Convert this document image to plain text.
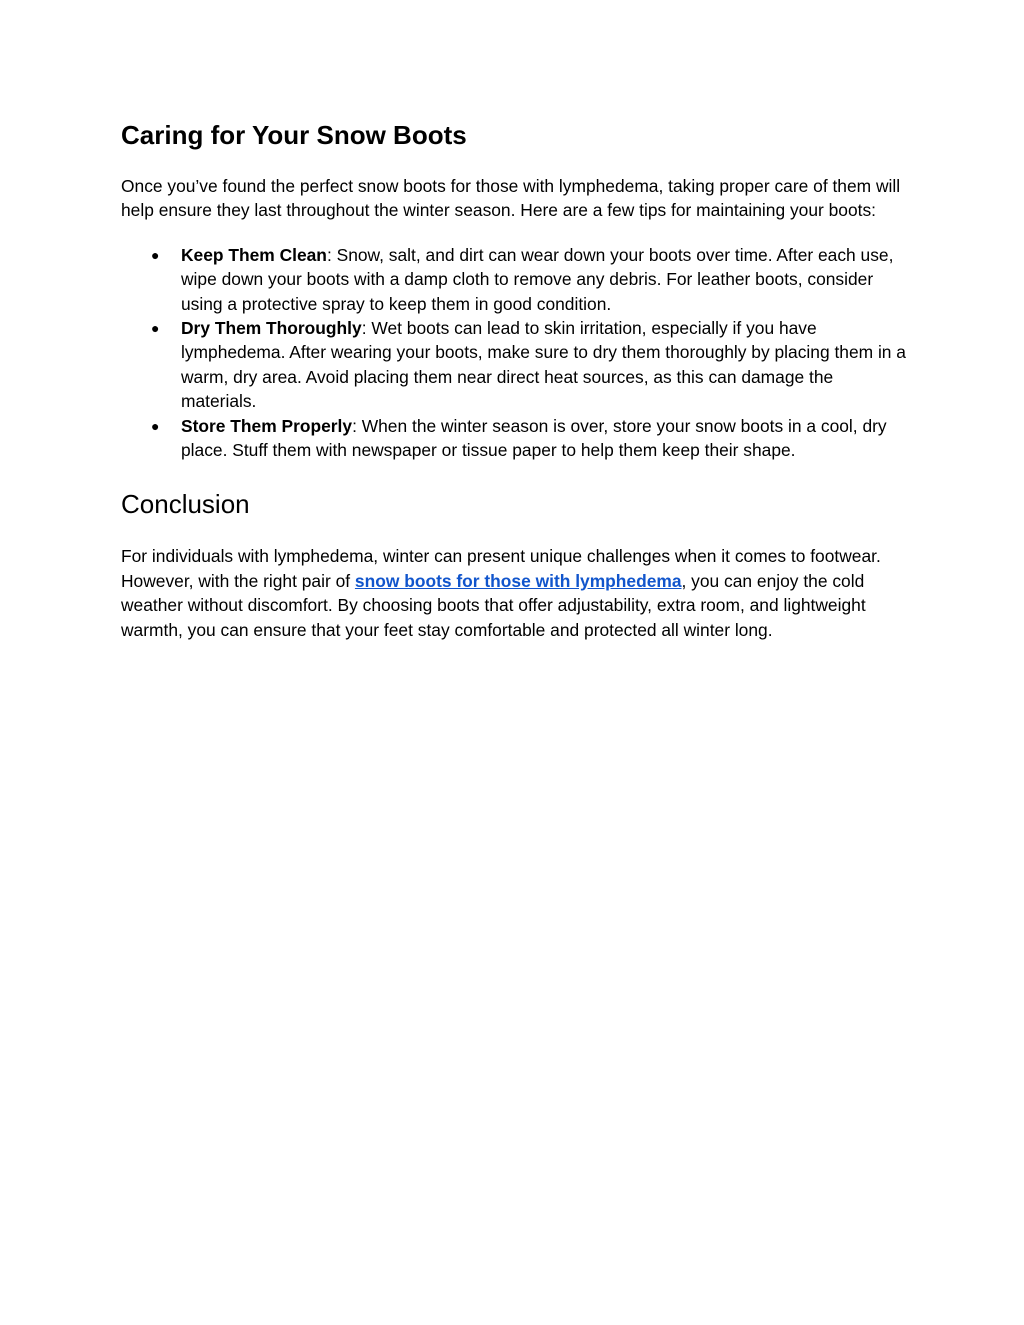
Caring for Your Snow Boots

Once you’ve found the perfect snow boots for those with lymphedema, taking proper care of them will help ensure they last throughout the winter season. Here are a few tips for maintaining your boots:

● Keep Them Clean: Snow, salt, and dirt can wear down your boots over time. After each use, wipe down your boots with a damp cloth to remove any debris. For leather boots, consider using a protective spray to keep them in good condition.
● Dry Them Thoroughly: Wet boots can lead to skin irritation, especially if you have lymphedema. After wearing your boots, make sure to dry them thoroughly by placing them in a warm, dry area. Avoid placing them near direct heat sources, as this can damage the materials.
● Store Them Properly: When the winter season is over, store your snow boots in a cool, dry place. Stuff them with newspaper or tissue paper to help them keep their shape.
Conclusion

For individuals with lymphedema, winter can present unique challenges when it comes to footwear. However, with the right pair of snow boots for those with lymphedema, you can enjoy the cold weather without discomfort. By choosing boots that offer adjustability, extra room, and lightweight warmth, you can ensure that your feet stay comfortable and protected all winter long.
